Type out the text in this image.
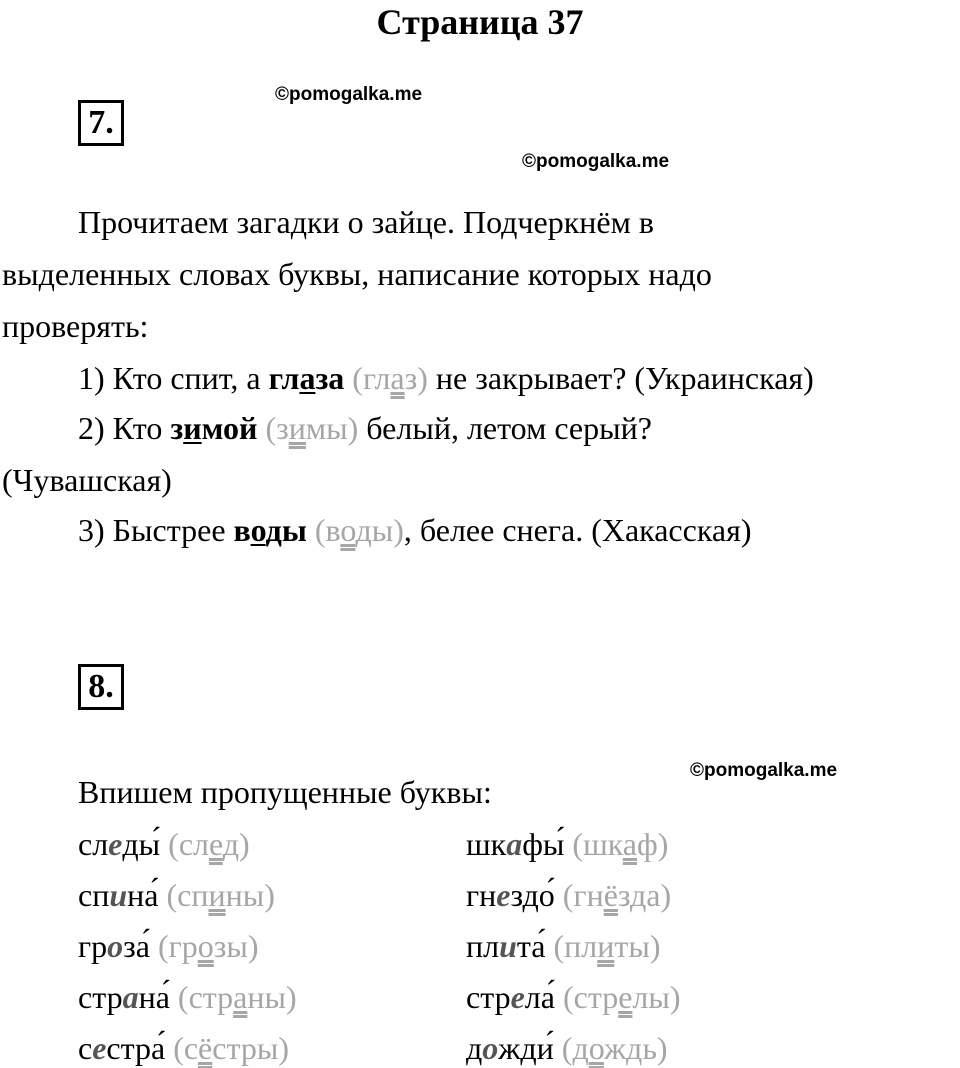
Страница 37
©pomogalka.me
©pomogalka.me
©pomogalka.me
7.
Прочитаем загадки о зайце. Подчеркнём в
выделенных словах буквы, написание которых надо
проверять:
1) Кто спит, а глаза (глаз) не закрывает? (Украинская)
2) Кто зимой (зимы) белый, летом серый?
(Чувашская)
3) Быстрее воды (воды), белее снега. (Хакасская)
8.
Впишем пропущенные буквы:
следы́ (след)
спина́ (спины)
гроза́ (грозы)
страна́ (страны)
сестра́ (сёстры)
шкафы́ (шкаф)
гнездо́ (гнёзда)
плита́ (плиты)
стрела́ (стрелы)
дожди́ (дождь)
